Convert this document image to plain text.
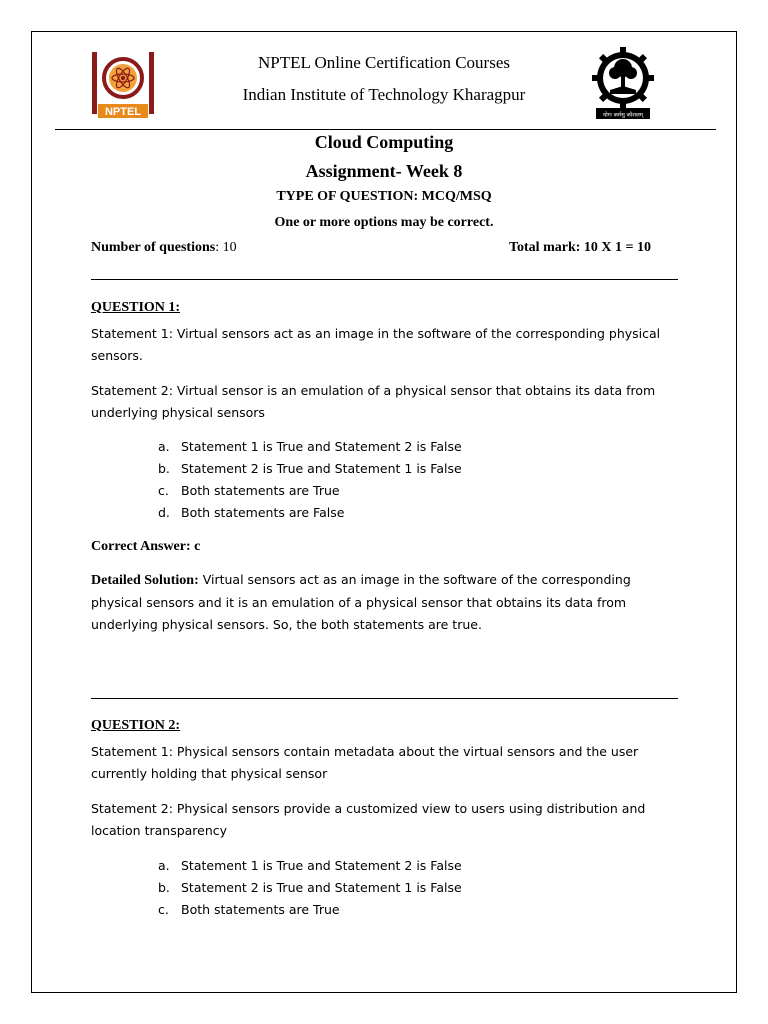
NPTEL	योगः कर्मसु कौशलम्
NPTEL Online Certification Courses
Indian Institute of Technology Kharagpur
Cloud Computing
Assignment- Week 8
TYPE OF QUESTION: MCQ/MSQ
One or more options may be correct.
Number of questions: 10	Total mark: 10 X 1 = 10
QUESTION 1:
Statement 1: Virtual sensors act as an image in the software of the corresponding physical sensors.
Statement 2: Virtual sensor is an emulation of a physical sensor that obtains its data from underlying physical sensors
a. Statement 1 is True and Statement 2 is False
b. Statement 2 is True and Statement 1 is False
c. Both statements are True
d. Both statements are False
Correct Answer: c
Detailed Solution: Virtual sensors act as an image in the software of the corresponding physical sensors and it is an emulation of a physical sensor that obtains its data from underlying physical sensors. So, the both statements are true.
QUESTION 2:
Statement 1: Physical sensors contain metadata about the virtual sensors and the user currently holding that physical sensor
Statement 2: Physical sensors provide a customized view to users using distribution and location transparency
a. Statement 1 is True and Statement 2 is False
b. Statement 2 is True and Statement 1 is False
c. Both statements are True
